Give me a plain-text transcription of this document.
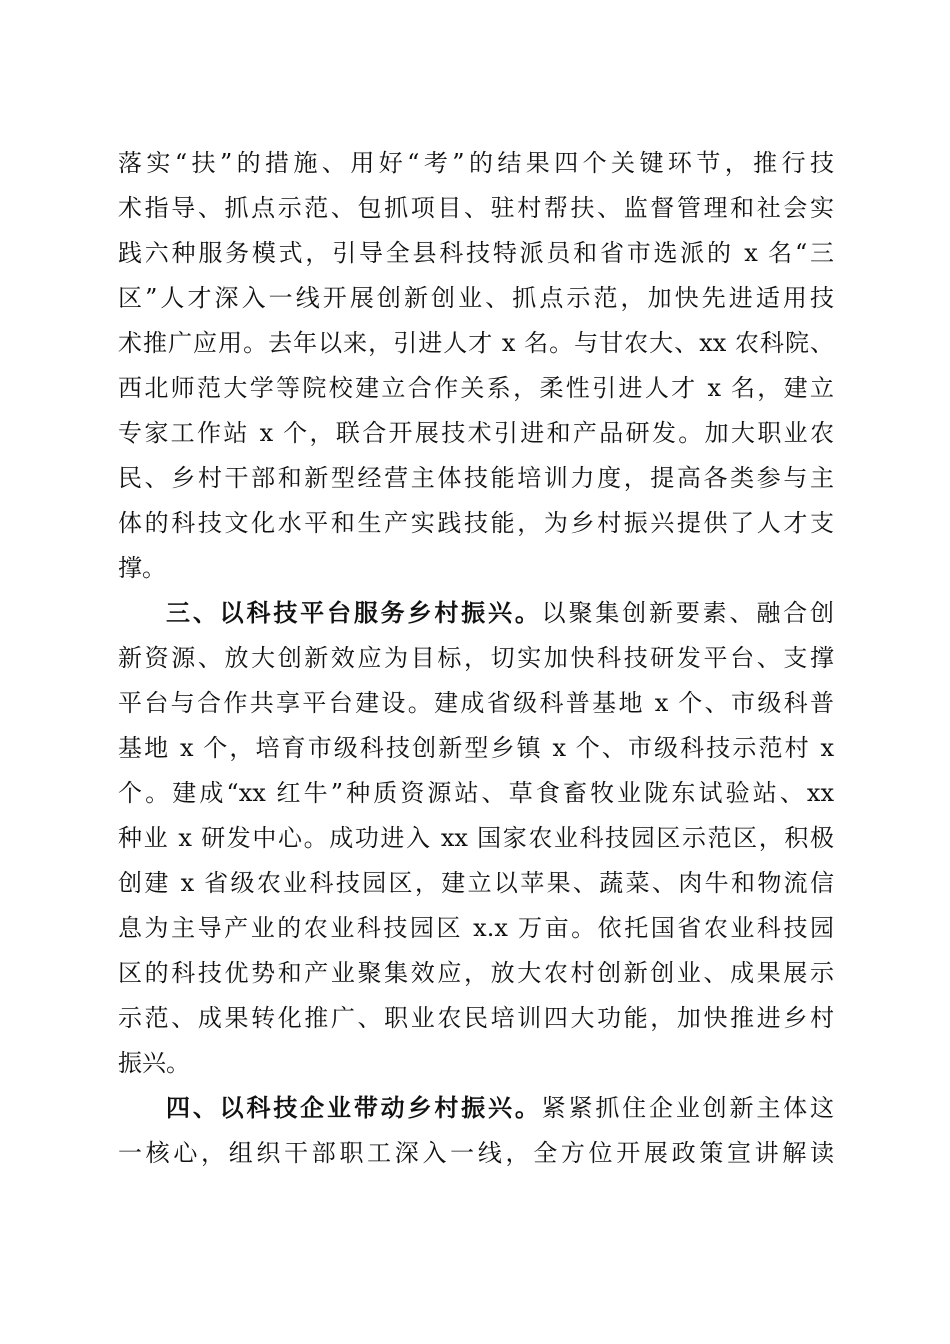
落实“扶”的措施、用好“考”的结果四个关键环节，推行技
术指导、抓点示范、包抓项目、驻村帮扶、监督管理和社会实
践六种服务模式，引导全县科技特派员和省市选派的 x 名“三
区”人才深入一线开展创新创业、抓点示范，加快先进适用技
术推广应用。去年以来，引进人才 x 名。与甘农大、xx 农科院、
西北师范大学等院校建立合作关系，柔性引进人才 x 名，建立
专家工作站 x 个，联合开展技术引进和产品研发。加大职业农
民、乡村干部和新型经营主体技能培训力度，提高各类参与主
体的科技文化水平和生产实践技能，为乡村振兴提供了人才支
撑。
三、以科技平台服务乡村振兴。以聚集创新要素、融合创
新资源、放大创新效应为目标，切实加快科技研发平台、支撑
平台与合作共享平台建设。建成省级科普基地 x 个、市级科普
基地 x 个，培育市级科技创新型乡镇 x 个、市级科技示范村 x
个。建成“xx 红牛”种质资源站、草食畜牧业陇东试验站、xx
种业 x 研发中心。成功进入 xx 国家农业科技园区示范区，积极
创建 x 省级农业科技园区，建立以苹果、蔬菜、肉牛和物流信
息为主导产业的农业科技园区 x.x 万亩。依托国省农业科技园
区的科技优势和产业聚集效应，放大农村创新创业、成果展示
示范、成果转化推广、职业农民培训四大功能，加快推进乡村
振兴。
四、以科技企业带动乡村振兴。紧紧抓住企业创新主体这
一核心，组织干部职工深入一线，全方位开展政策宣讲解读
